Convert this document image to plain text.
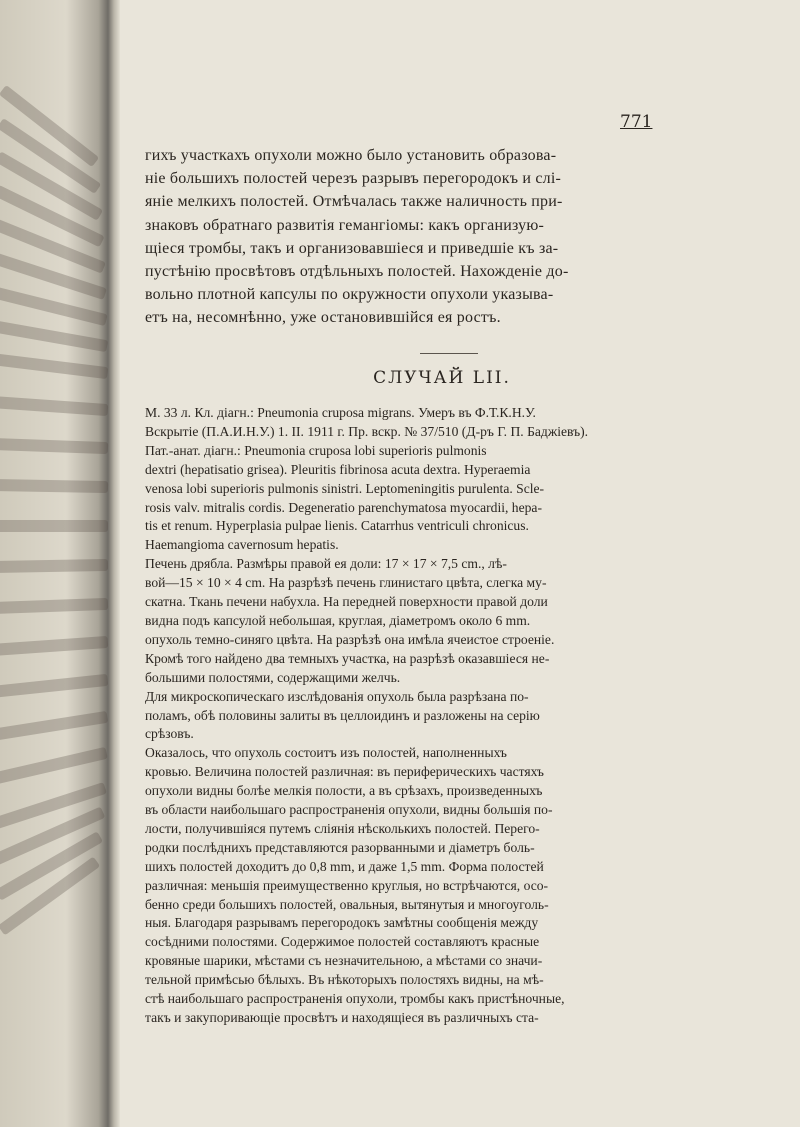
771
гихъ участкахъ опухоли можно было установить образова-
ніе большихъ полостей черезъ разрывъ перегородокъ и слі-
яніе мелкихъ полостей. Отмѣчалась также наличность при-
знаковъ обратнаго развитія гемангіомы: какъ организую-
щіеся тромбы, такъ и организовавшіеся и приведшіе къ за-
пустѣнію просвѣтовъ отдѣльныхъ полостей. Нахожденіе до-
вольно плотной капсулы по окружности опухоли указыва-
етъ на, несомнѣнно, уже остановившійся ея ростъ.
СЛУЧАЙ LII.
М. 33 л. Кл. діагн.: Pneumonia crupоsa migrans. Умеръ въ Ф.Т.К.Н.У.
Вскрытіе (П.А.И.Н.У.) 1. II. 1911 г. Пр. вскр. № 37/510 (Д-ръ Г. П. Баджіевъ).
Пат.-анат. діагн.: Pneumonia crupоsa lobi superioris pulmonis
dextri (hepatisatio grisea). Pleuritis fibrinosa acuta dextra. Hyperaemia
venosa lobi superioris pulmonis sinistri. Leptomeningitis purulenta. Scle-
rosis valv. mitralis cordis. Degeneratio parenchymatosa myocardii, hepa-
tis et renum. Hyperplasia pulpae lienis. Catarrhus ventriculi chronicus.
Haemangioma cavernosum hepatis.
Печень дрябла. Размѣры правой ея доли: 17 × 17 × 7,5 cm., лѣ-
вой—15 × 10 × 4 cm. На разрѣзѣ печень глинистаго цвѣта, слегка му-
скатна. Ткань печени набухла. На передней поверхности правой доли
видна подъ капсулой небольшая, круглая, діаметромъ около 6 mm.
опухоль темно-синяго цвѣта. На разрѣзѣ она имѣла ячеистое строеніе.
Кромѣ того найдено два темныхъ участка, на разрѣзѣ оказавшіеся не-
большими полостями, содержащими желчь.
Для микроскопическаго изслѣдованія опухоль была разрѣзана по-
поламъ, обѣ половины залиты въ целлоидинъ и разложены на серію
срѣзовъ.
Оказалось, что опухоль состоитъ изъ полостей, наполненныхъ
кровью. Величина полостей различная: въ периферическихъ частяхъ
опухоли видны болѣе мелкія полости, а въ срѣзахъ, произведенныхъ
въ области наибольшаго распространенія опухоли, видны большія по-
лости, получившіяся путемъ сліянія нѣсколькихъ полостей. Перего-
родки послѣднихъ представляются разорванными и діаметръ боль-
шихъ полостей доходитъ до 0,8 mm, и даже 1,5 mm. Форма полостей
различная: меньшія преимущественно круглыя, но встрѣчаются, осо-
бенно среди большихъ полостей, овальныя, вытянутыя и многоуголь-
ныя. Благодаря разрывамъ перегородокъ замѣтны сообщенія между
сосѣдними полостями. Содержимое полостей составляютъ красные
кровяные шарики, мѣстами съ незначительною, а мѣстами со значи-
тельной примѣсью бѣлыхъ. Въ нѣкоторыхъ полостяхъ видны, на мѣ-
стѣ наибольшаго распространенія опухоли, тромбы какъ пристѣночные,
такъ и закупоривающіе просвѣтъ и находящіеся въ различныхъ ста-
